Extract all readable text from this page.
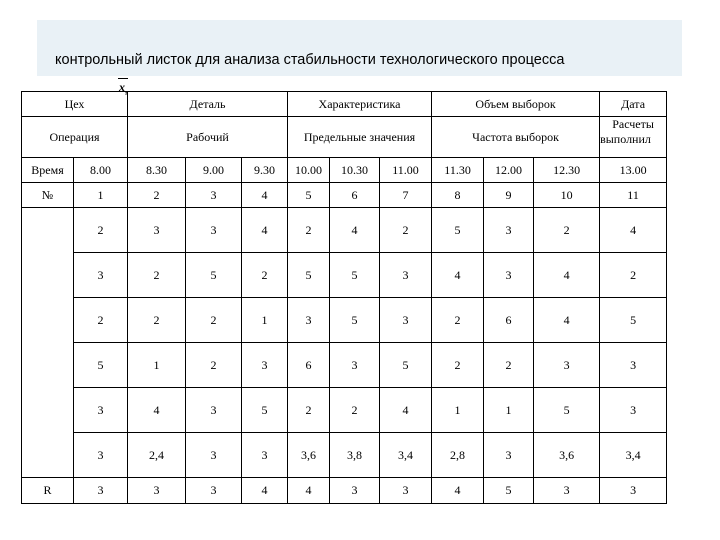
контрольный листок для анализа стабильности технологического процесса
$x_s$
Цех		Деталь			Характеристика			Объем выборок			Дата
Операция		Рабочий			Предельные значения			Частота выборок			Расчеты
выполнил

Время	8.00	8.30	9.00	9.30	10.00	10.30	11.00	11.30	12.00	12.30	13.00
№	1	2	3	4	5	6	7	8	9	10	11
	2	3	3	4	2	4	2	5	3	2	4
	3	2	5	2	5	5	3	4	3	4	2
	2	2	2	1	3	5	3	2	6	4	5
	5	1	2	3	6	3	5	2	2	3	3
	3	4	3	5	2	2	4	1	1	5	3
	3	2,4	3	3	3,6	3,8	3,4	2,8	3	3,6	3,4
R	3	3	3	4	4	3	3	4	5	3	3
